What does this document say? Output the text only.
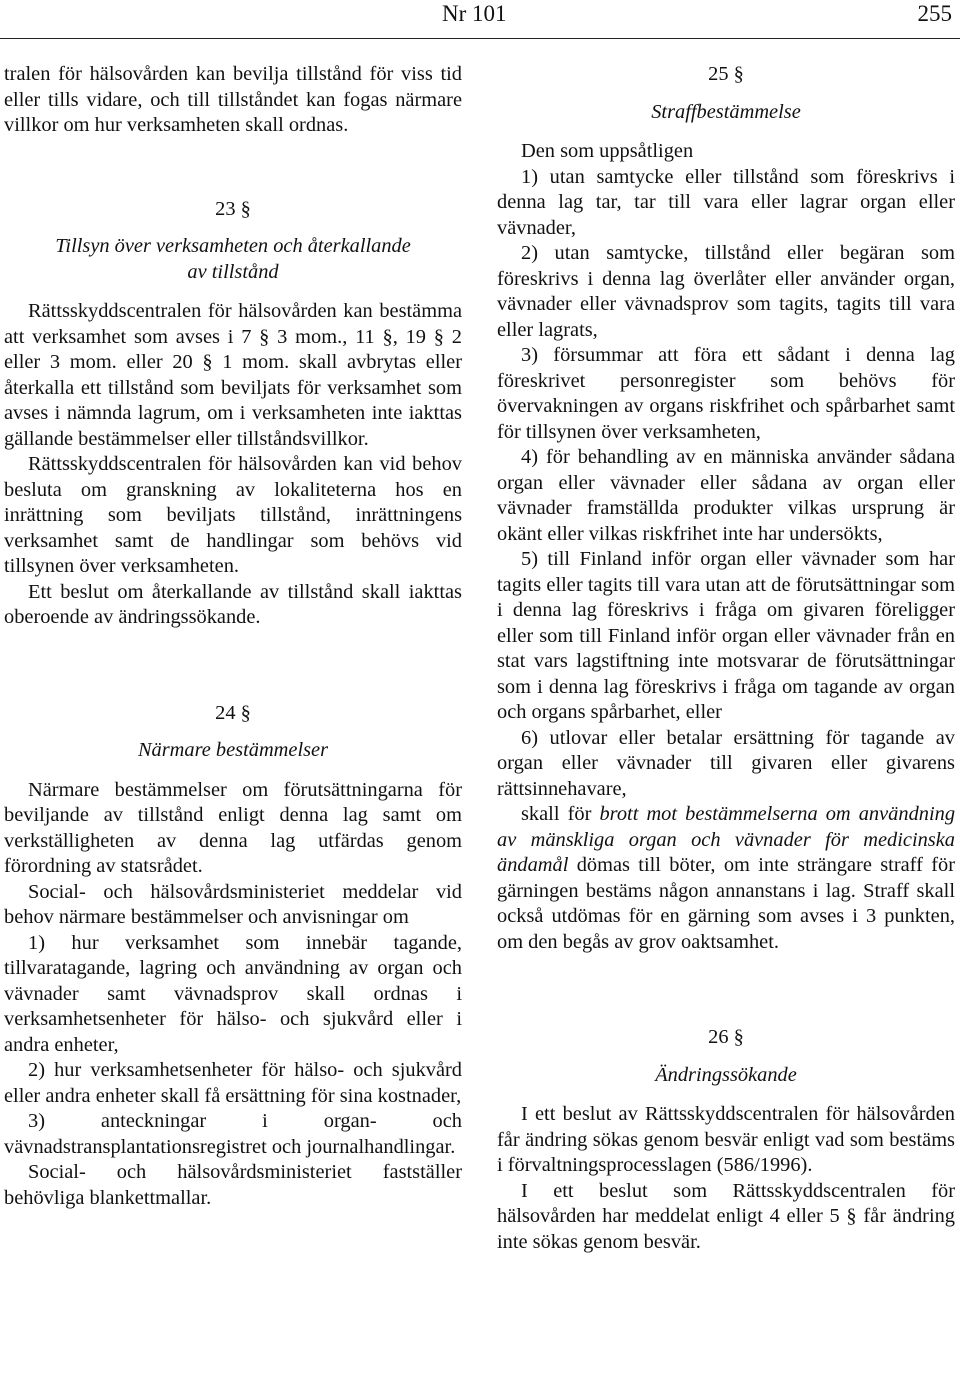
Nr 101	255

tralen för hälsovården kan bevilja tillstånd för viss tid eller tills vidare, och till tillståndet kan fogas närmare villkor om hur verksamheten skall ordnas.

23 §

Tillsyn över verksamheten och återkallande
av tillstånd

Rättsskyddscentralen för hälsovården kan bestämma att verksamhet som avses i 7 § 3 mom., 11 §, 19 § 2 eller 3 mom. eller 20 § 1 mom. skall avbrytas eller återkalla ett tillstånd som beviljats för verksamhet som avses i nämnda lagrum, om i verksamheten inte iakttas gällande bestämmelser eller tillståndsvillkor.

Rättsskyddscentralen för hälsovården kan vid behov besluta om granskning av lokaliteterna hos en inrättning som beviljats tillstånd, inrättningens verksamhet samt de handlingar som behövs vid tillsynen över verksamheten.

Ett beslut om återkallande av tillstånd skall iakttas oberoende av ändringssökande.

24 §

Närmare bestämmelser

Närmare bestämmelser om förutsättningarna för beviljande av tillstånd enligt denna lag samt om verkställigheten av denna lag utfärdas genom förordning av statsrådet.

Social- och hälsovårdsministeriet meddelar vid behov närmare bestämmelser och anvisningar om

1) hur verksamhet som innebär tagande, tillvaratagande, lagring och användning av organ och vävnader samt vävnadsprov skall ordnas i verksamhetsenheter för hälso- och sjukvård eller i andra enheter,

2) hur verksamhetsenheter för hälso- och sjukvård eller andra enheter skall få ersättning för sina kostnader,

3) anteckningar i organ- och vävnadstransplantationsregistret och journalhandlingar.

Social- och hälsovårdsministeriet fastställer behövliga blankettmallar.

25 §

Straffbestämmelse

Den som uppsåtligen

1) utan samtycke eller tillstånd som föreskrivs i denna lag tar, tar till vara eller lagrar organ eller vävnader,

2) utan samtycke, tillstånd eller begäran som föreskrivs i denna lag överlåter eller använder organ, vävnader eller vävnadsprov som tagits, tagits till vara eller lagrats,

3) försummar att föra ett sådant i denna lag föreskrivet personregister som behövs för övervakningen av organs riskfrihet och spårbarhet samt för tillsynen över verksamheten,

4) för behandling av en människa använder sådana organ eller vävnader eller sådana av organ eller vävnader framställda produkter vilkas ursprung är okänt eller vilkas riskfrihet inte har undersökts,

5) till Finland inför organ eller vävnader som har tagits eller tagits till vara utan att de förutsättningar som i denna lag föreskrivs i fråga om givaren föreligger eller som till Finland inför organ eller vävnader från en stat vars lagstiftning inte motsvarar de förutsättningar som i denna lag föreskrivs i fråga om tagande av organ och organs spårbarhet, eller

6) utlovar eller betalar ersättning för tagande av organ eller vävnader till givaren eller givarens rättsinnehavare,

skall för brott mot bestämmelserna om användning av mänskliga organ och vävnader för medicinska ändamål dömas till böter, om inte strängare straff för gärningen bestäms någon annanstans i lag. Straff skall också utdömas för en gärning som avses i 3 punkten, om den begås av grov oaktsamhet.

26 §

Ändringssökande

I ett beslut av Rättsskyddscentralen för hälsovården får ändring sökas genom besvär enligt vad som bestäms i förvaltningsprocesslagen (586/1996).

I ett beslut som Rättsskyddscentralen för hälsovården har meddelat enligt 4 eller 5 § får ändring inte sökas genom besvär.
